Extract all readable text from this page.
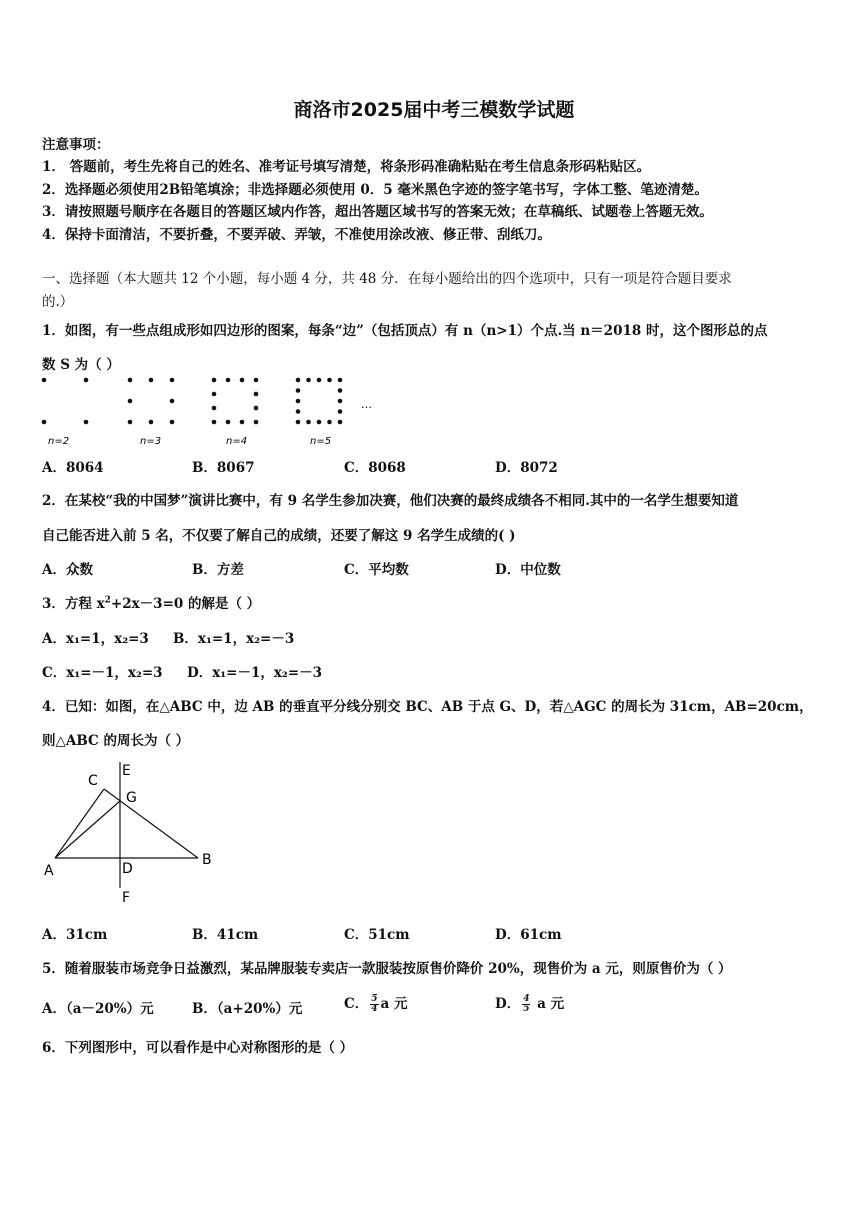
商洛市2025届中考三模数学试题
注意事项：
1． 答题前，考生先将自己的姓名、准考证号填写清楚，将条形码准确粘贴在考生信息条形码粘贴区。
2．选择题必须使用2B铅笔填涂；非选择题必须使用 0．5 毫米黑色字迹的签字笔书写，字体工整、笔迹清楚。
3．请按照题号顺序在各题目的答题区域内作答，超出答题区域书写的答案无效；在草稿纸、试题卷上答题无效。
4．保持卡面清洁，不要折叠，不要弄破、弄皱，不准使用涂改液、修正带、刮纸刀。
一、选择题（本大题共 12 个小题，每小题 4 分，共 48 分．在每小题给出的四个选项中，只有一项是符合题目要求
的.）
1．如图，有一些点组成形如四边形的图案，每条“边”（包括顶点）有 n（n>1）个点.当 n＝2018 时，这个图形总的点
数 S 为（ ）
n=2	n=3	n=4	n=5
…
A．8064	B．8067	C．8068	D．8072
2．在某校“我的中国梦”演讲比赛中，有 9 名学生参加决赛，他们决赛的最终成绩各不相同.其中的一名学生想要知道
自己能否进入前 5 名，不仅要了解自己的成绩，还要了解这 9 名学生成绩的( )
A．众数	B．方差	C．平均数	D．中位数
3．方程 $x^2+2x-3=0$ 的解是（ ）
A．x₁=1，x₂=3 B．x₁=1，x₂=－3
C．x₁=－1，x₂=3 D．x₁=－1，x₂=－3
4．已知：如图，在△ABC 中，边 AB 的垂直平分线分别交 BC、AB 于点 G、D，若△AGC 的周长为 31cm，AB=20cm，
则△ABC 的周长为（ ）
C
E
G
A	D
B
F
A．31cm	B．41cm	C．51cm	D．61cm
5．随着服装市场竞争日益激烈，某品牌服装专卖店一款服装按原售价降价 20%，现售价为 a 元，则原售价为（ ）
A．（a－20%）元	B．（a+20%）元	C． $\frac{5}{4}$ a 元	D． $\frac{4}{5}$ a 元
6．下列图形中，可以看作是中心对称图形的是（ ）
